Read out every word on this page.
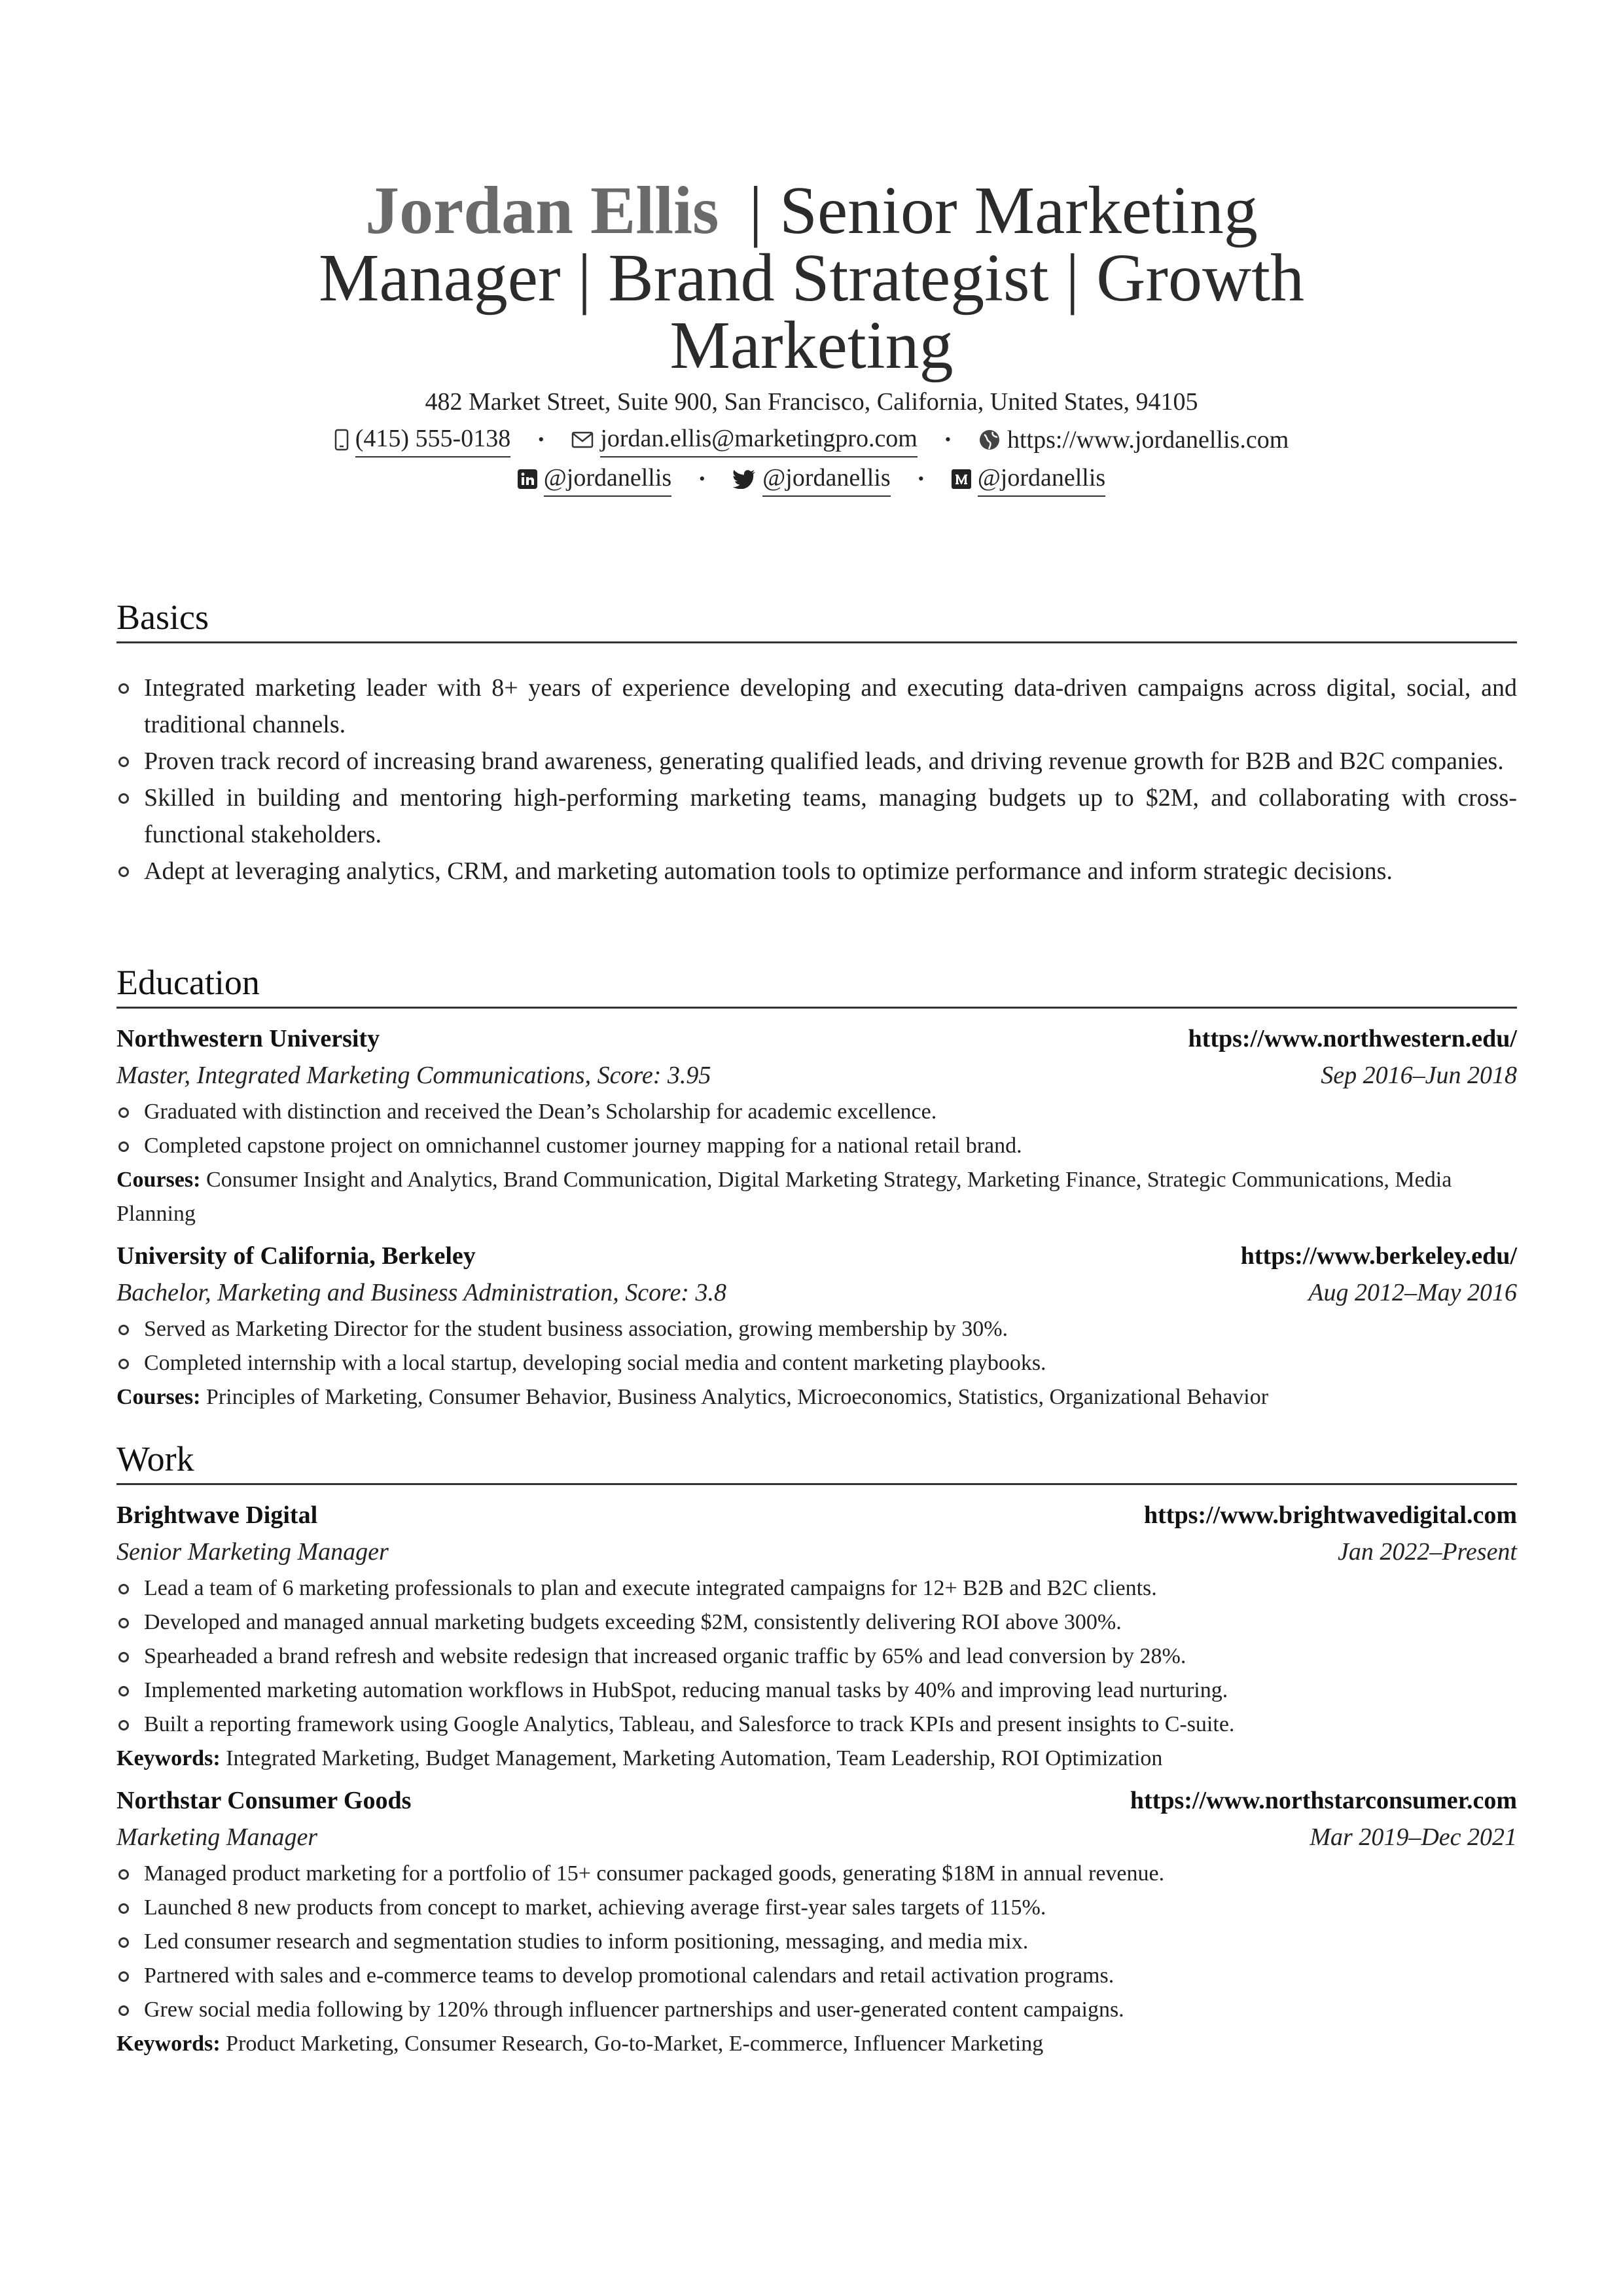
Jordan Ellis | Senior Marketing Manager | Brand Strategist | Growth Marketing
482 Market Street, Suite 900, San Francisco, California, United States, 94105
(415) 555-0138 • jordan.ellis@marketingpro.com • https://www.jordanellis.com
@jordanellis • @jordanellis • @jordanellis
Basics
Integrated marketing leader with 8+ years of experience developing and executing data-driven campaigns across digital, social, and traditional channels.
Proven track record of increasing brand awareness, generating qualified leads, and driving revenue growth for B2B and B2C companies.
Skilled in building and mentoring high-performing marketing teams, managing budgets up to $2M, and collaborating with cross-functional stakeholders.
Adept at leveraging analytics, CRM, and marketing automation tools to optimize performance and inform strategic decisions.
Education
Northwestern University	https://www.northwestern.edu/
Master, Integrated Marketing Communications, Score: 3.95	Sep 2016–Jun 2018
Graduated with distinction and received the Dean’s Scholarship for academic excellence.
Completed capstone project on omnichannel customer journey mapping for a national retail brand.
Courses: Consumer Insight and Analytics, Brand Communication, Digital Marketing Strategy, Marketing Finance, Strategic Communications, Media Planning
University of California, Berkeley	https://www.berkeley.edu/
Bachelor, Marketing and Business Administration, Score: 3.8	Aug 2012–May 2016
Served as Marketing Director for the student business association, growing membership by 30%.
Completed internship with a local startup, developing social media and content marketing playbooks.
Courses: Principles of Marketing, Consumer Behavior, Business Analytics, Microeconomics, Statistics, Organizational Behavior
Work
Brightwave Digital	https://www.brightwavedigital.com
Senior Marketing Manager	Jan 2022–Present
Lead a team of 6 marketing professionals to plan and execute integrated campaigns for 12+ B2B and B2C clients.
Developed and managed annual marketing budgets exceeding $2M, consistently delivering ROI above 300%.
Spearheaded a brand refresh and website redesign that increased organic traffic by 65% and lead conversion by 28%.
Implemented marketing automation workflows in HubSpot, reducing manual tasks by 40% and improving lead nurturing.
Built a reporting framework using Google Analytics, Tableau, and Salesforce to track KPIs and present insights to C-suite.
Keywords: Integrated Marketing, Budget Management, Marketing Automation, Team Leadership, ROI Optimization
Northstar Consumer Goods	https://www.northstarconsumer.com
Marketing Manager	Mar 2019–Dec 2021
Managed product marketing for a portfolio of 15+ consumer packaged goods, generating $18M in annual revenue.
Launched 8 new products from concept to market, achieving average first-year sales targets of 115%.
Led consumer research and segmentation studies to inform positioning, messaging, and media mix.
Partnered with sales and e-commerce teams to develop promotional calendars and retail activation programs.
Grew social media following by 120% through influencer partnerships and user-generated content campaigns.
Keywords: Product Marketing, Consumer Research, Go-to-Market, E-commerce, Influencer Marketing
